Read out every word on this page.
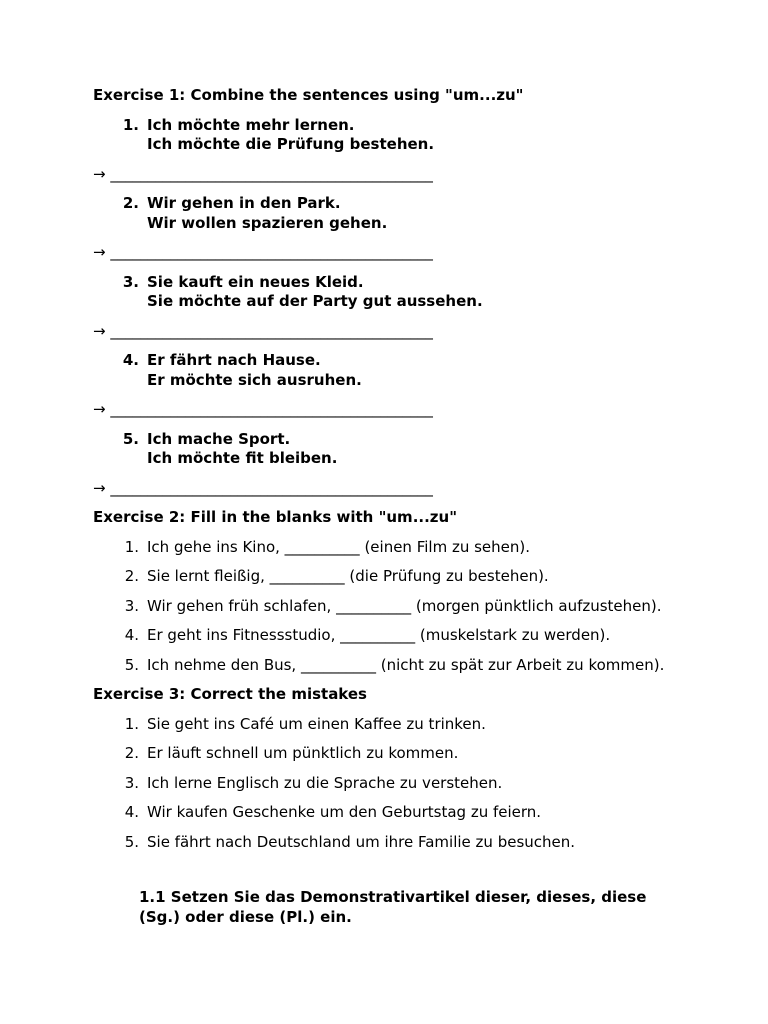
Exercise 1: Combine the sentences using "um...zu"
1. Ich möchte mehr lernen.
Ich möchte die Prüfung bestehen.
→ ___________________________________________
2. Wir gehen in den Park.
Wir wollen spazieren gehen.
→ ___________________________________________
3. Sie kauft ein neues Kleid.
Sie möchte auf der Party gut aussehen.
→ ___________________________________________
4. Er fährt nach Hause.
Er möchte sich ausruhen.
→ ___________________________________________
5. Ich mache Sport.
Ich möchte fit bleiben.
→ ___________________________________________
Exercise 2: Fill in the blanks with "um...zu"
1. Ich gehe ins Kino, __________ (einen Film zu sehen).
2. Sie lernt fleißig, __________ (die Prüfung zu bestehen).
3. Wir gehen früh schlafen, __________ (morgen pünktlich aufzustehen).
4. Er geht ins Fitnessstudio, __________ (muskelstark zu werden).
5. Ich nehme den Bus, __________ (nicht zu spät zur Arbeit zu kommen).
Exercise 3: Correct the mistakes
1. Sie geht ins Café um einen Kaffee zu trinken.
2. Er läuft schnell um pünktlich zu kommen.
3. Ich lerne Englisch zu die Sprache zu verstehen.
4. Wir kaufen Geschenke um den Geburtstag zu feiern.
5. Sie fährt nach Deutschland um ihre Familie zu besuchen.
1.1 Setzen Sie das Demonstrativartikel dieser, dieses, diese
(Sg.) oder diese (Pl.) ein.
